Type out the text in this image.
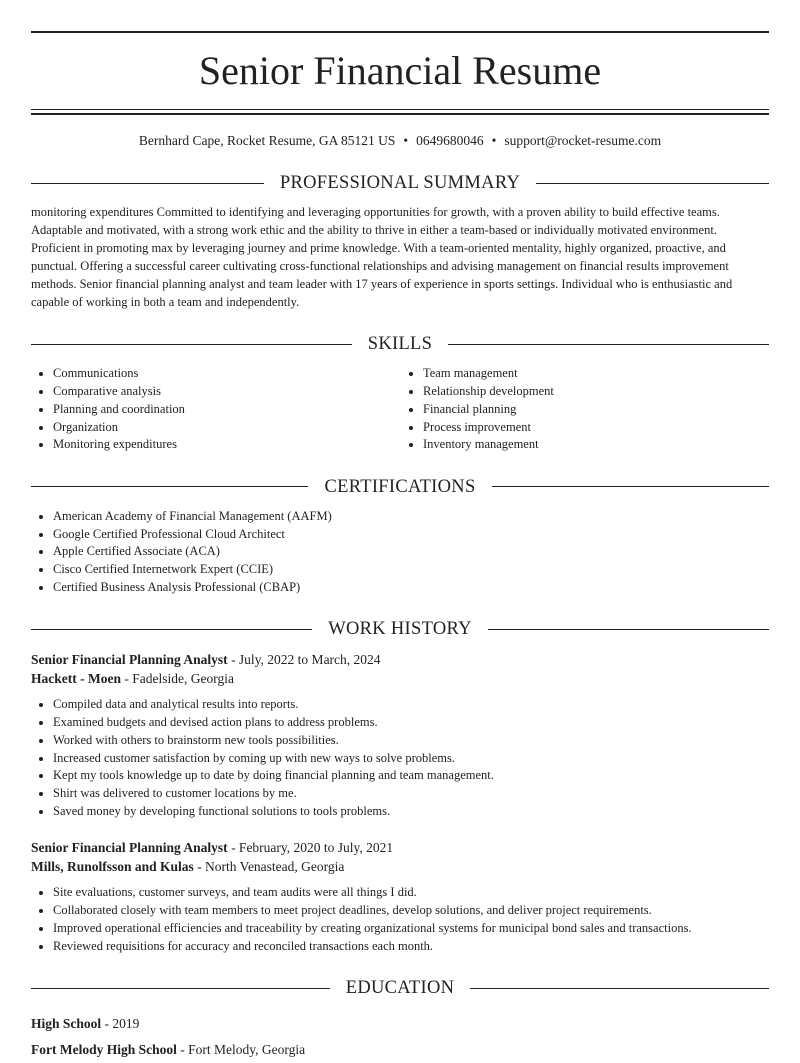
Senior Financial Resume
Bernhard Cape, Rocket Resume, GA 85121 US • 0649680046 • support@rocket-resume.com
PROFESSIONAL SUMMARY
monitoring expenditures Committed to identifying and leveraging opportunities for growth, with a proven ability to build effective teams. Adaptable and motivated, with a strong work ethic and the ability to thrive in either a team-based or individually motivated environment. Proficient in promoting max by leveraging journey and prime knowledge. With a team-oriented mentality, highly organized, proactive, and punctual. Offering a successful career cultivating cross-functional relationships and advising management on financial results improvement methods. Senior financial planning analyst and team leader with 17 years of experience in sports settings. Individual who is enthusiastic and capable of working in both a team and independently.
SKILLS
• Communications
• Comparative analysis
• Planning and coordination
• Organization
• Monitoring expenditures
• Team management
• Relationship development
• Financial planning
• Process improvement
• Inventory management
CERTIFICATIONS
• American Academy of Financial Management (AAFM)
• Google Certified Professional Cloud Architect
• Apple Certified Associate (ACA)
• Cisco Certified Internetwork Expert (CCIE)
• Certified Business Analysis Professional (CBAP)
WORK HISTORY
Senior Financial Planning Analyst - July, 2022 to March, 2024
Hackett - Moen - Fadelside, Georgia
• Compiled data and analytical results into reports.
• Examined budgets and devised action plans to address problems.
• Worked with others to brainstorm new tools possibilities.
• Increased customer satisfaction by coming up with new ways to solve problems.
• Kept my tools knowledge up to date by doing financial planning and team management.
• Shirt was delivered to customer locations by me.
• Saved money by developing functional solutions to tools problems.
Senior Financial Planning Analyst - February, 2020 to July, 2021
Mills, Runolfsson and Kulas - North Venastead, Georgia
• Site evaluations, customer surveys, and team audits were all things I did.
• Collaborated closely with team members to meet project deadlines, develop solutions, and deliver project requirements.
• Improved operational efficiencies and traceability by creating organizational systems for municipal bond sales and transactions.
• Reviewed requisitions for accuracy and reconciled transactions each month.
EDUCATION
High School - 2019
Fort Melody High School - Fort Melody, Georgia
